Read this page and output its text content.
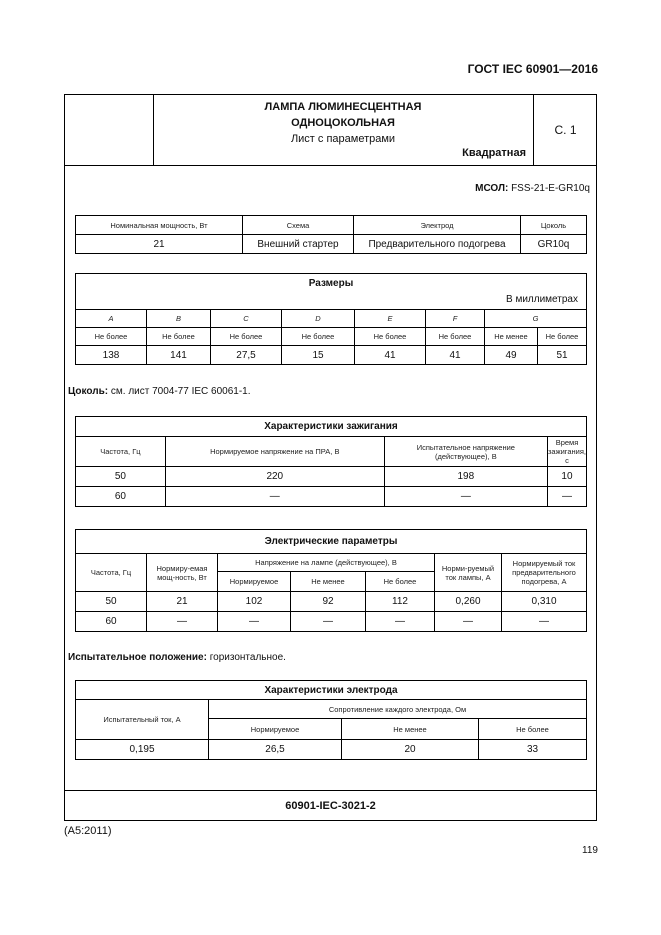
ГОСТ IEC 60901—2016
ЛАМПА ЛЮМИНЕСЦЕНТНАЯ
ОДНОЦОКОЛЬНАЯ
Лист с параметрами
Квадратная
С. 1
МСОЛ: FSS-21-E-GR10q
Номинальная мощность, Вт	Схема	Электрод	Цоколь
21	Внешний стартер	Предварительного подогрева	GR10q
Размеры
В миллиметрах							

A	B	C	D	E	F	G	
Не более	Не более	Не более	Не более	Не более	Не более	Не менее	Не более
138	141	27,5	15	41	41	49	51
Цоколь: см. лист 7004-77 IEC 60061-1.
Характеристики зажигания			
Частота, Гц	Нормируемое напряжение на ПРА, В	Испытательное напряжение (действующее), В	Время зажигания, с
50	220	198	10
60	—	—	—
Электрические параметры						
Частота, Гц	Нормиру-емая мощ-ность, Вт	Напряжение на лампе (действующее), В			Норми-руемый ток лампы, А	Нормируемый ток предварительного подогрева, А
		Нормируемое	Не менее	Не более		
50	21	102	92	112	0,260	0,310
60	—	—	—	—	—	—
Испытательное положение: горизонтальное.
Характеристики электрода			
Испытательный ток, А	Сопротивление каждого электрода, Ом		
	Нормируемое	Не менее	Не более
0,195	26,5	20	33
60901-IEC-3021-2
(A5:2011)
119
